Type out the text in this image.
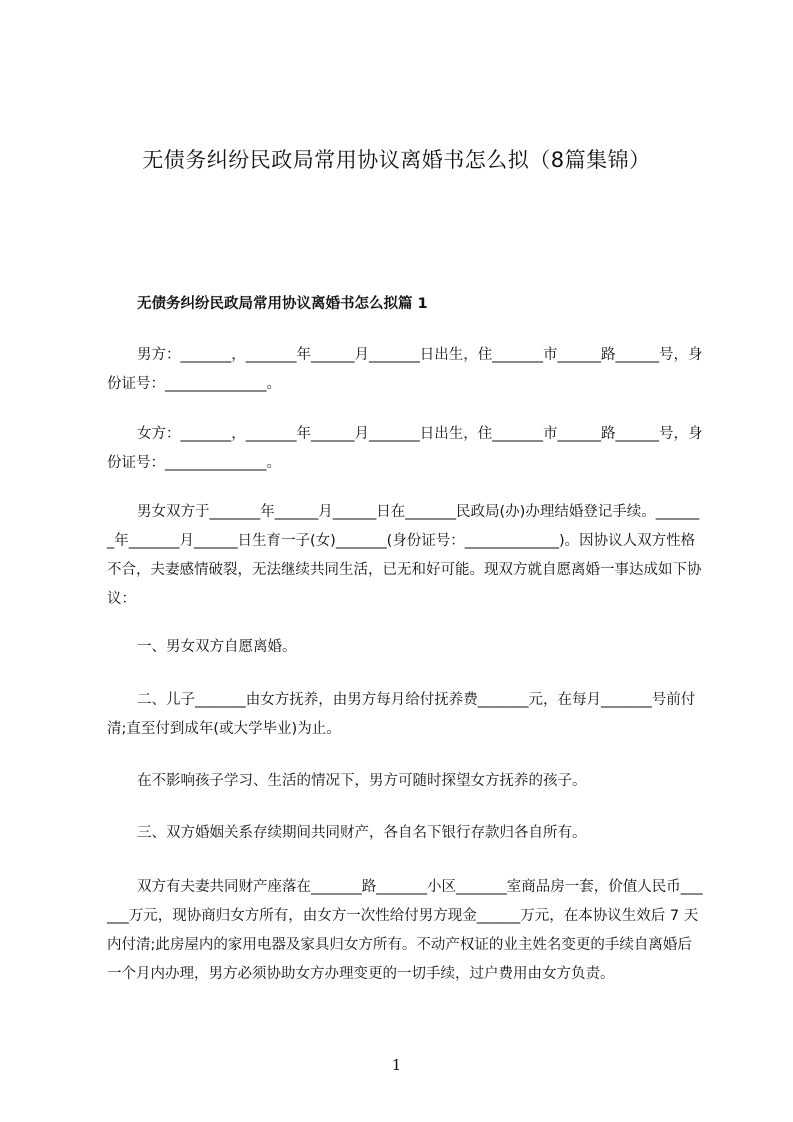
无债务纠纷民政局常用协议离婚书怎么拟（8篇集锦）
无债务纠纷民政局常用协议离婚书怎么拟篇 1

男方：_______，_______年______月_______日出生，住_______市______路______号，身份证号：______________。

女方：_______，_______年______月_______日出生，住_______市______路______号，身份证号：______________。

男女双方于_______年______月______日在_______民政局(办)办理结婚登记手续。_______年_______月______日生育一子(女)_______(身份证号：_____________)。因协议人双方性格不合，夫妻感情破裂，无法继续共同生活，已无和好可能。现双方就自愿离婚一事达成如下协议：

一、男女双方自愿离婚。

二、儿子_______由女方抚养，由男方每月给付抚养费_______元，在每月_______号前付清;直至付到成年(或大学毕业)为止。

在不影响孩子学习、生活的情况下，男方可随时探望女方抚养的孩子。

三、双方婚姻关系存续期间共同财产，各自名下银行存款归各自所有。

双方有夫妻共同财产座落在_______路_______小区_______室商品房一套，价值人民币______万元，现协商归女方所有，由女方一次性给付男方现金______万元，在本协议生效后 7 天内付清;此房屋内的家用电器及家具归女方所有。不动产权证的业主姓名变更的手续自离婚后一个月内办理，男方必须协助女方办理变更的一切手续，过户费用由女方负责。

1
